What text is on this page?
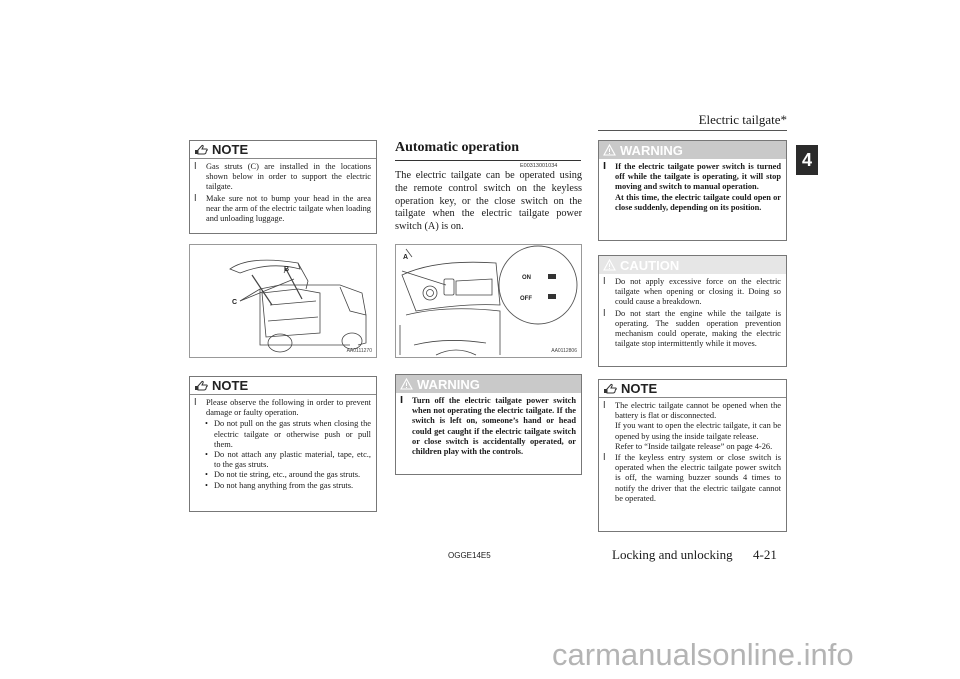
Electric tailgate*
4
NOTE
l	Gas struts (C) are installed in the locations shown below in order to support the electric tailgate.
l	Make sure not to bump your head in the area near the arm of the electric tailgate when loading and unloading luggage.
B
C
AA0111270
NOTE
l	Please observe the following in order to prevent damage or faulty operation.
• Do not pull on the gas struts when closing the electric tailgate or otherwise push or pull them.
• Do not attach any plastic material, tape, etc., to the gas struts.
• Do not tie string, etc., around the gas struts.
• Do not hang anything from the gas struts.
Automatic operation
E00313001034
The electric tailgate can be operated using the remote control switch on the keyless operation key, or the close switch on the tailgate when the electric tailgate power switch (A) is on.
ON
OFF
A
AA0112806
WARNING
l	Turn off the electric tailgate power switch when not operating the electric tailgate. If the switch is left on, someone’s hand or head could get caught if the electric tailgate switch or close switch is accidentally operated, or children play with the controls.
WARNING
l	If the electric tailgate power switch is turned off while the tailgate is operating, it will stop moving and switch to manual operation.
At this time, the electric tailgate could open or close suddenly, depending on its position.
CAUTION
l	Do not apply excessive force on the electric tailgate when opening or closing it. Doing so could cause a breakdown.
l	Do not start the engine while the tailgate is operating. The sudden operation prevention mechanism could operate, making the electric tailgate stop intermittently while it moves.
NOTE
l	The electric tailgate cannot be opened when the battery is flat or disconnected.
If you want to open the electric tailgate, it can be opened by using the inside tailgate release.
Refer to “Inside tailgate release” on page 4-26.
l	If the keyless entry system or close switch is operated when the electric tailgate power switch is off, the warning buzzer sounds 4 times to notify the driver that the electric tailgate cannot be operated.
OGGE14E5	Locking and unlocking 4-21
carmanualsonline.info
